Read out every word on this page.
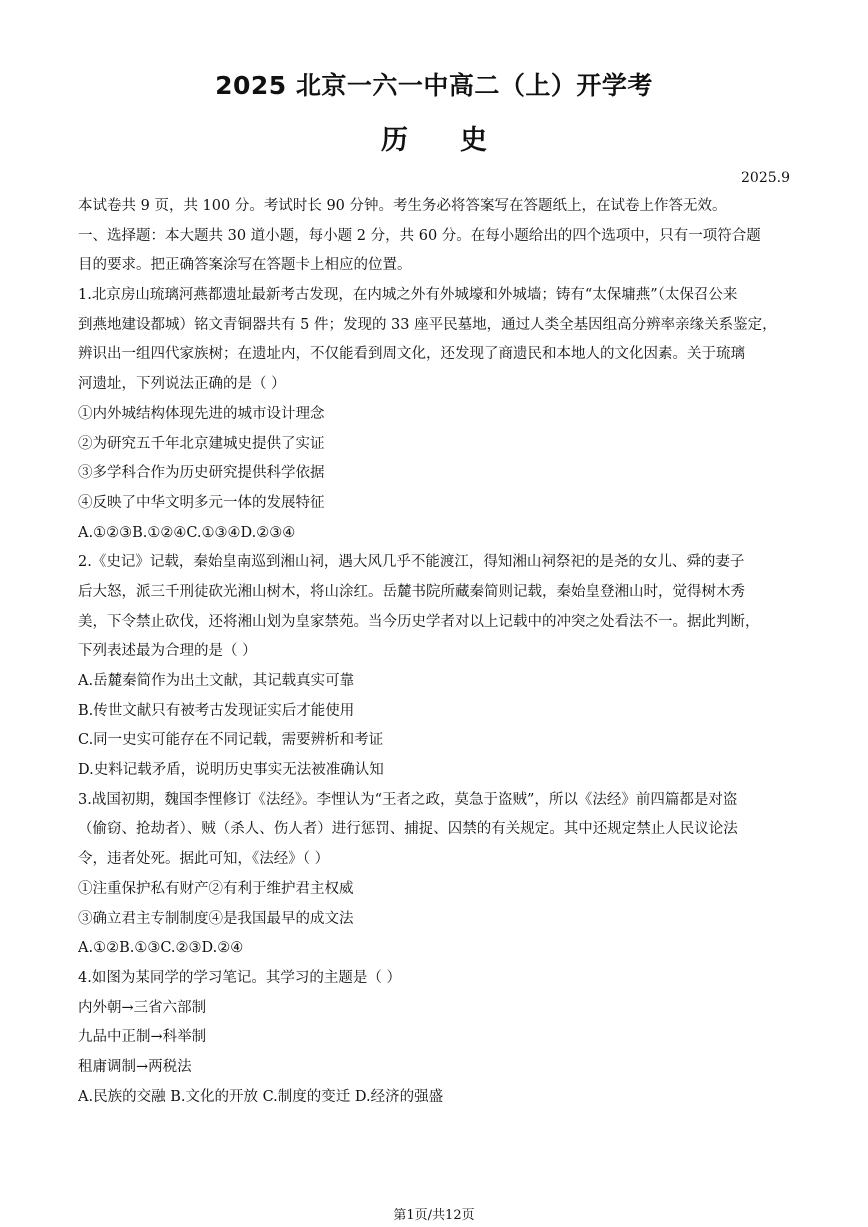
2025 北京一六一中高二（上）开学考
历史
2025.9
本试卷共 9 页，共 100 分。考试时长 90 分钟。考生务必将答案写在答题纸上，在试卷上作答无效。
一、选择题：本大题共 30 道小题，每小题 2 分，共 60 分。在每小题给出的四个选项中，只有一项符合题
目的要求。把正确答案涂写在答题卡上相应的位置。
1.北京房山琉璃河燕都遗址最新考古发现，在内城之外有外城壕和外城墙；铸有“太保墉燕”（太保召公来
到燕地建设都城）铭文青铜器共有 5 件；发现的 33 座平民墓地，通过人类全基因组高分辨率亲缘关系鉴定，
辨识出一组四代家族树；在遗址内，不仅能看到周文化，还发现了商遗民和本地人的文化因素。关于琉璃
河遗址，下列说法正确的是（ ）
①内外城结构体现先进的城市设计理念
②为研究五千年北京建城史提供了实证
③多学科合作为历史研究提供科学依据
④反映了中华文明多元一体的发展特征
A.①②③B.①②④C.①③④D.②③④
2.《史记》记载，秦始皇南巡到湘山祠，遇大风几乎不能渡江，得知湘山祠祭祀的是尧的女儿、舜的妻子
后大怒，派三千刑徒砍光湘山树木，将山涂红。岳麓书院所藏秦简则记载，秦始皇登湘山时，觉得树木秀
美，下令禁止砍伐，还将湘山划为皇家禁苑。当今历史学者对以上记载中的冲突之处看法不一。据此判断，
下列表述最为合理的是（ ）
A.岳麓秦简作为出土文献，其记载真实可靠
B.传世文献只有被考古发现证实后才能使用
C.同一史实可能存在不同记载，需要辨析和考证
D.史料记载矛盾，说明历史事实无法被准确认知
3.战国初期，魏国李悝修订《法经》。李悝认为“王者之政，莫急于盗贼”，所以《法经》前四篇都是对盗
（偷窃、抢劫者）、贼（杀人、伤人者）进行惩罚、捕捉、囚禁的有关规定。其中还规定禁止人民议论法
令，违者处死。据此可知，《法经》（ ）
①注重保护私有财产②有利于维护君主权威
③确立君主专制制度④是我国最早的成文法
A.①②B.①③C.②③D.②④
4.如图为某同学的学习笔记。其学习的主题是（ ）
内外朝→三省六部制
九品中正制→科举制
租庸调制→两税法
A.民族的交融 B.文化的开放 C.制度的变迁 D.经济的强盛
第1页/共12页
